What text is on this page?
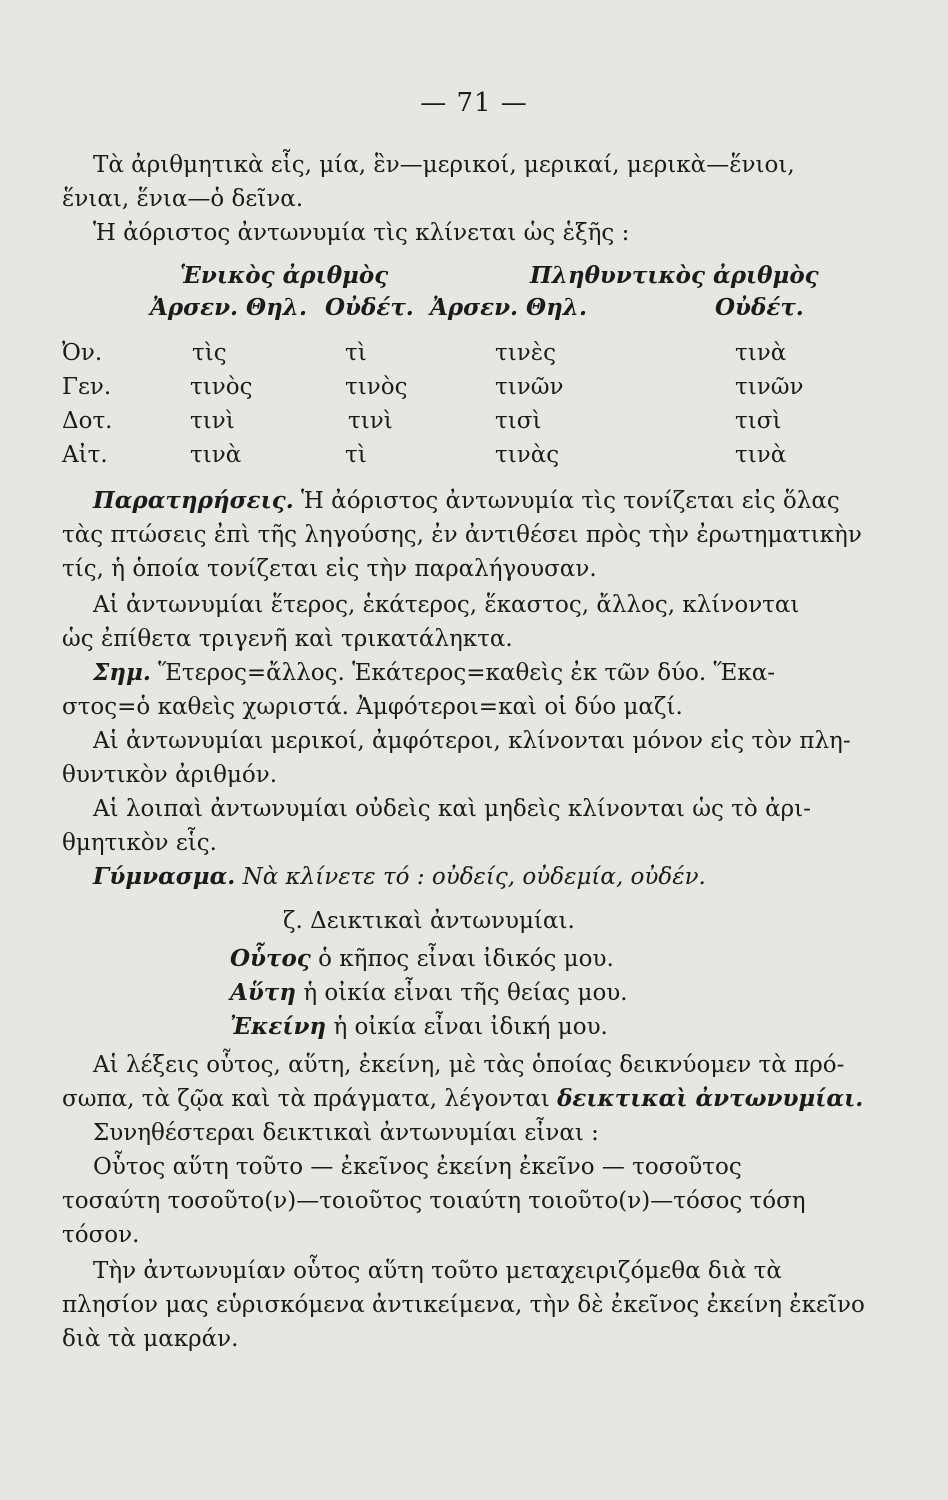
— 71 —
Τὰ ἀριθμητικὰ εἷς, μία, ἓν—μερικοί, μερικαί, μερικὰ—ἕνιοι,
ἕνιαι, ἕνια—ὁ δεῖνα.
Ἡ ἀόριστος ἀντωνυμία τὶς κλίνεται ὡς ἑξῆς :
Ἑνικὸς ἀριθμὸς	Πληθυντικὸς ἀριθμὸς
Ἀρσεν. Θηλ. Οὐδέτ. Ἀρσεν. Θηλ.	Οὐδέτ.
Ὀν.	τὶς	τὶ	τινὲς	τινὰ
Γεν.	τινὸς	τινὸς	τινῶν	τινῶν
Δοτ.	τινὶ	τινὶ	τισὶ	τισὶ
Αἰτ.	τινὰ	τὶ	τινὰς	τινὰ
Παρατηρήσεις. Ἡ ἀόριστος ἀντωνυμία τὶς τονίζεται εἰς ὅλας
τὰς πτώσεις ἐπὶ τῆς ληγούσης, ἐν ἀντιθέσει πρὸς τὴν ἐρωτηματικὴν
τίς, ἡ ὁποία τονίζεται εἰς τὴν παραλήγουσαν.
Αἱ ἀντωνυμίαι ἕτερος, ἑκάτερος, ἕκαστος, ἄλλος, κλίνονται
ὡς ἐπίθετα τριγενῆ καὶ τρικατάληκτα.
Σημ. Ἕτερος=ἄλλος. Ἑκάτερος=καθεὶς ἐκ τῶν δύο. Ἕκα-
στος=ὁ καθεὶς χωριστά. Ἀμφότεροι=καὶ οἱ δύο μαζί.
Αἱ ἀντωνυμίαι μερικοί, ἀμφότεροι, κλίνονται μόνον εἰς τὸν πλη-
θυντικὸν ἀριθμόν.
Αἱ λοιπαὶ ἀντωνυμίαι οὐδεὶς καὶ μηδεὶς κλίνονται ὡς τὸ ἀρι-
θμητικὸν εἷς.
Γύμνασμα. Νὰ κλίνετε τό : οὐδείς, οὐδεμία, οὐδέν.
ζ. Δεικτικαὶ ἀντωνυμίαι.
Οὗτος ὁ κῆπος εἶναι ἰδικός μου.
Αὕτη ἡ οἰκία εἶναι τῆς θείας μου.
Ἐκείνη ἡ οἰκία εἶναι ἰδική μου.
Αἱ λέξεις οὗτος, αὕτη, ἐκείνη, μὲ τὰς ὁποίας δεικνύομεν τὰ πρό-
σωπα, τὰ ζῷα καὶ τὰ πράγματα, λέγονται δεικτικαὶ ἀντωνυμίαι.
Συνηθέστεραι δεικτικαὶ ἀντωνυμίαι εἶναι :
Οὗτος αὕτη τοῦτο — ἐκεῖνος ἐκείνη ἐκεῖνο — τοσοῦτος
τοσαύτη τοσοῦτο(ν)—τοιοῦτος τοιαύτη τοιοῦτο(ν)—τόσος τόση
τόσον.
Τὴν ἀντωνυμίαν οὗτος αὕτη τοῦτο μεταχειριζόμεθα διὰ τὰ
πλησίον μας εὑρισκόμενα ἀντικείμενα, τὴν δὲ ἐκεῖνος ἐκείνη ἐκεῖνο
διὰ τὰ μακράν.
